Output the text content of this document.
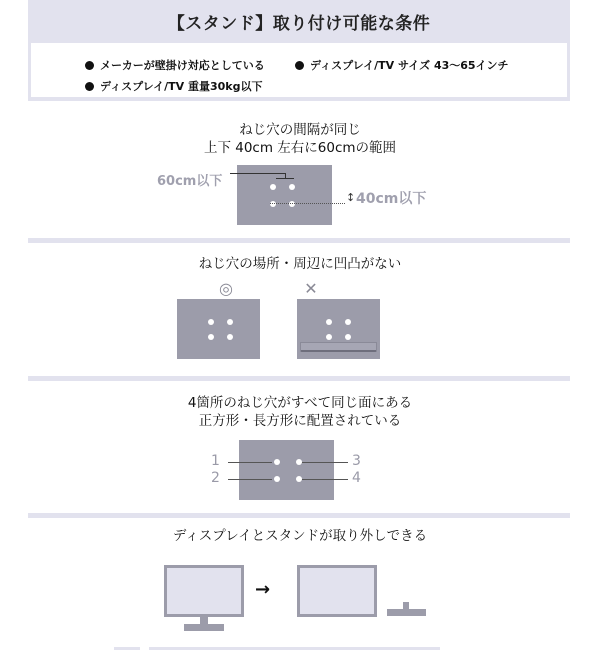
【スタンド】取り付け可能な条件
メーカーが壁掛け対応としている	ディスプレイ/TV サイズ 43〜65インチ
ディスプレイ/TV 重量30kg以下
ねじ穴の間隔が同じ
上下 40cm 左右に60cmの範囲
60cm以下
↕ 40cm以下
ねじ穴の場所・周辺に凹凸がない
◎	✕
4箇所のねじ穴がすべて同じ面にある
正方形・長方形に配置されている
1
2
3
4
ディスプレイとスタンドが取り外しできる
→
